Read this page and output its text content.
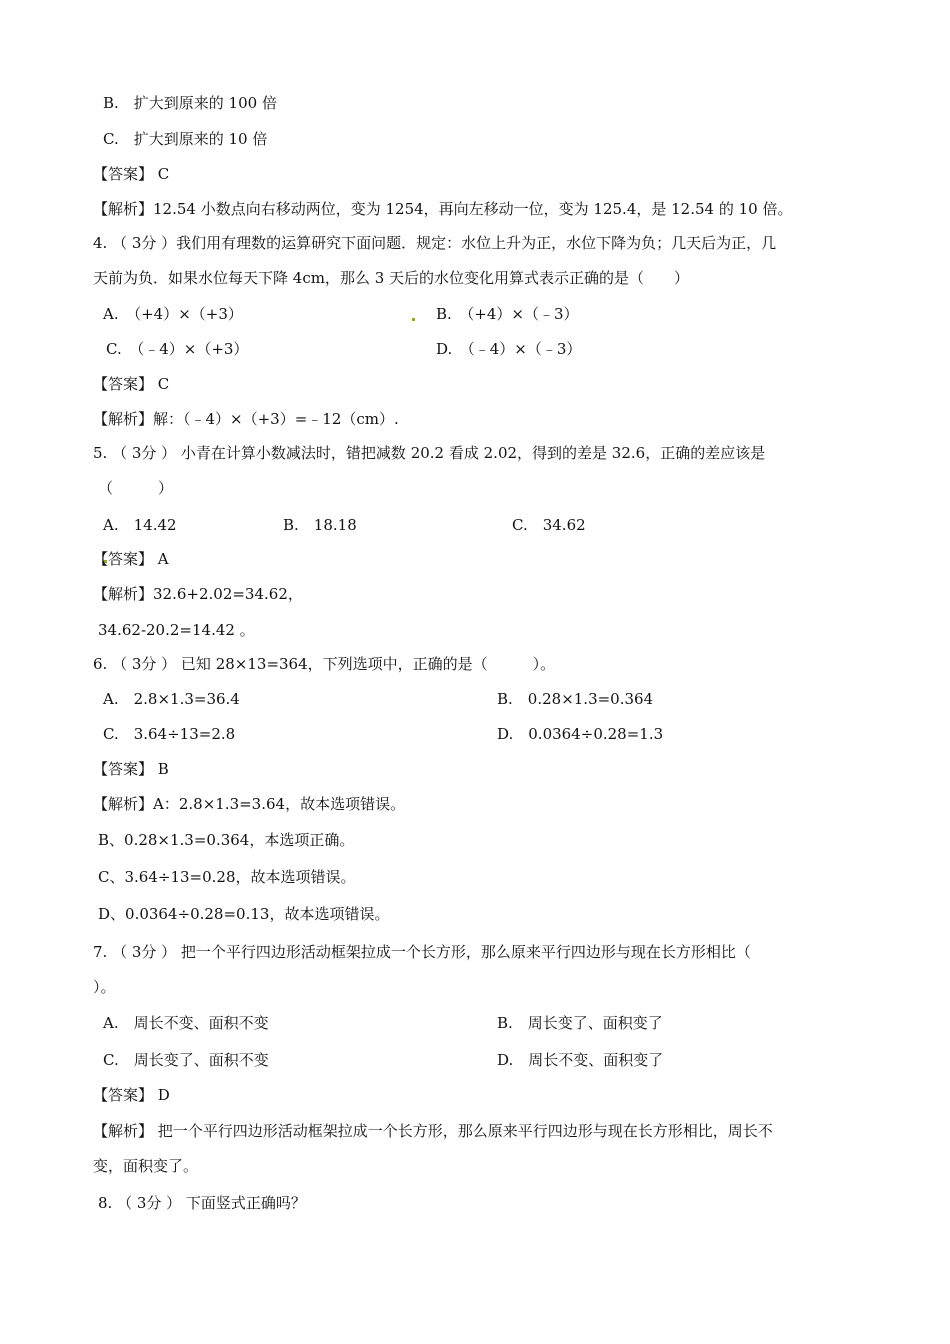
B.　扩大到原来的 100 倍
C.　扩大到原来的 10 倍
【答案】 C
【解析】12.54 小数点向右移动两位，变为 1254，再向左移动一位，变为 125.4，是 12.54 的 10 倍。
4. （ 3分 ）我们用有理数的运算研究下面问题．规定：水位上升为正，水位下降为负；几天后为正，几
天前为负．如果水位每天下降 4cm，那么 3 天后的水位变化用算式表示正确的是（　　）
A.　（+4）×（+3）	B.　（+4）×（﹣3）
C.　（﹣4）×（+3）	D.　（﹣4）×（﹣3）
【答案】 C
【解析】解：（﹣4）×（+3）=﹣12（cm）.
5. （ 3分 ） 小青在计算小数减法时，错把减数 20.2 看成 2.02，得到的差是 32.6，正确的差应该是
（　　　）
A.　14.42	B.　18.18	C.　34.62
【答案】 A
【解析】32.6+2.02=34.62，
34.62-20.2=14.42 。
6. （ 3分 ） 已知 28×13=364，下列选项中，正确的是（　　　）。
A.　2.8×1.3=36.4	B.　0.28×1.3=0.364
C.　3.64÷13=2.8	D.　0.0364÷0.28=1.3
【答案】 B
【解析】A：2.8×1.3=3.64，故本选项错误。
B、0.28×1.3=0.364，本选项正确。
C、3.64÷13=0.28，故本选项错误。
D、0.0364÷0.28=0.13，故本选项错误。
7. （ 3分 ） 把一个平行四边形活动框架拉成一个长方形，那么原来平行四边形与现在长方形相比（
）。
A.　周长不变、面积不变	B.　周长变了、面积变了
C.　周长变了、面积不变	D.　周长不变、面积变了
【答案】 D
【解析】 把一个平行四边形活动框架拉成一个长方形，那么原来平行四边形与现在长方形相比，周长不
变，面积变了。
8. （ 3分 ） 下面竖式正确吗？
